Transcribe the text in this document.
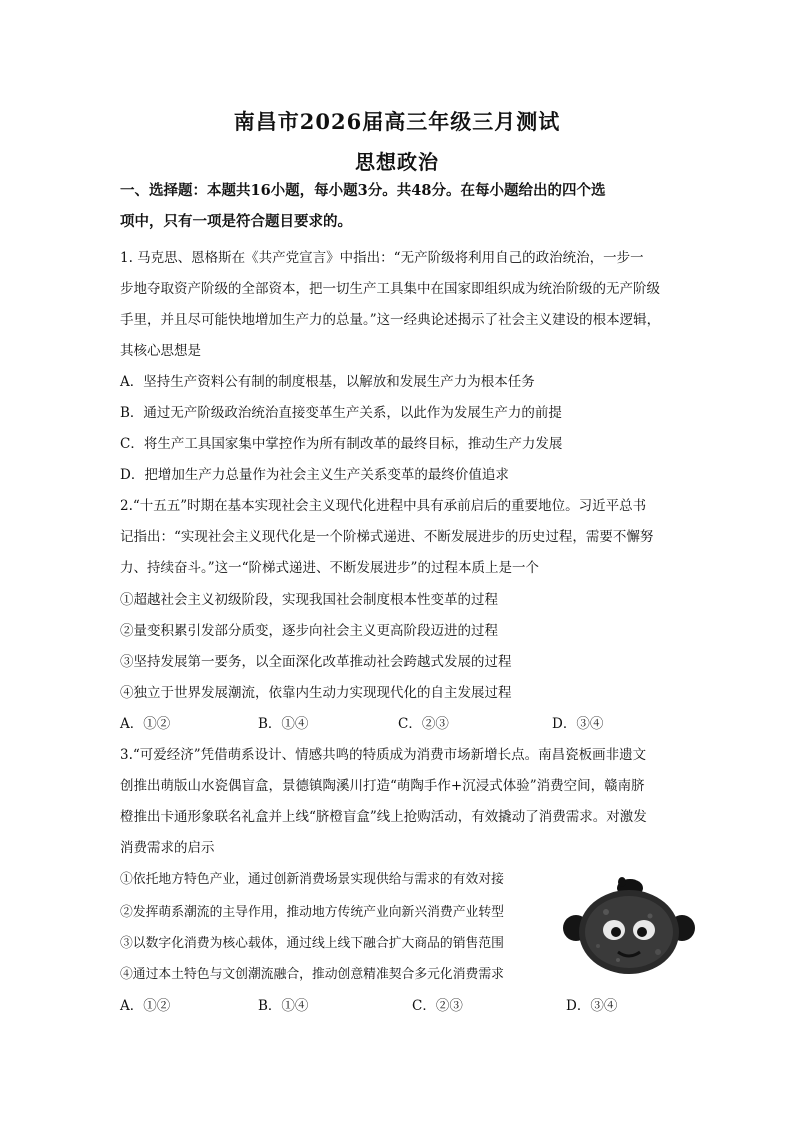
南昌市2026届高三年级三月测试
思想政治
一、选择题：本题共16小题，每小题3分。共48分。在每小题给出的四个选
项中，只有一项是符合题目要求的。
1. 马克思、恩格斯在《共产党宣言》中指出：“无产阶级将利用自己的政治统治，一步一
步地夺取资产阶级的全部资本，把一切生产工具集中在国家即组织成为统治阶级的无产阶级
手里，并且尽可能快地增加生产力的总量。”这一经典论述揭示了社会主义建设的根本逻辑，
其核心思想是
A．坚持生产资料公有制的制度根基，以解放和发展生产力为根本任务
B．通过无产阶级政治统治直接变革生产关系，以此作为发展生产力的前提
C．将生产工具国家集中掌控作为所有制改革的最终目标，推动生产力发展
D．把增加生产力总量作为社会主义生产关系变革的最终价值追求
2.“十五五”时期在基本实现社会主义现代化进程中具有承前启后的重要地位。习近平总书
记指出：“实现社会主义现代化是一个阶梯式递进、不断发展进步的历史过程，需要不懈努
力、持续奋斗。”这一“阶梯式递进、不断发展进步”的过程本质上是一个
①超越社会主义初级阶段，实现我国社会制度根本性变革的过程
②量变积累引发部分质变，逐步向社会主义更高阶段迈进的过程
③坚持发展第一要务，以全面深化改革推动社会跨越式发展的过程
④独立于世界发展潮流，依靠内生动力实现现代化的自主发展过程
A．①②	B．①④	C．②③	D．③④
3.“可爱经济”凭借萌系设计、情感共鸣的特质成为消费市场新增长点。南昌瓷板画非遗文
创推出萌版山水瓷偶盲盒，景德镇陶溪川打造“萌陶手作+沉浸式体验”消费空间，赣南脐
橙推出卡通形象联名礼盒并上线“脐橙盲盒”线上抢购活动，有效撬动了消费需求。对激发
消费需求的启示
①依托地方特色产业，通过创新消费场景实现供给与需求的有效对接
②发挥萌系潮流的主导作用，推动地方传统产业向新兴消费产业转型
③以数字化消费为核心载体，通过线上线下融合扩大商品的销售范围
④通过本土特色与文创潮流融合，推动创意精准契合多元化消费需求
A．①②	B．①④	C．②③	D．③④
